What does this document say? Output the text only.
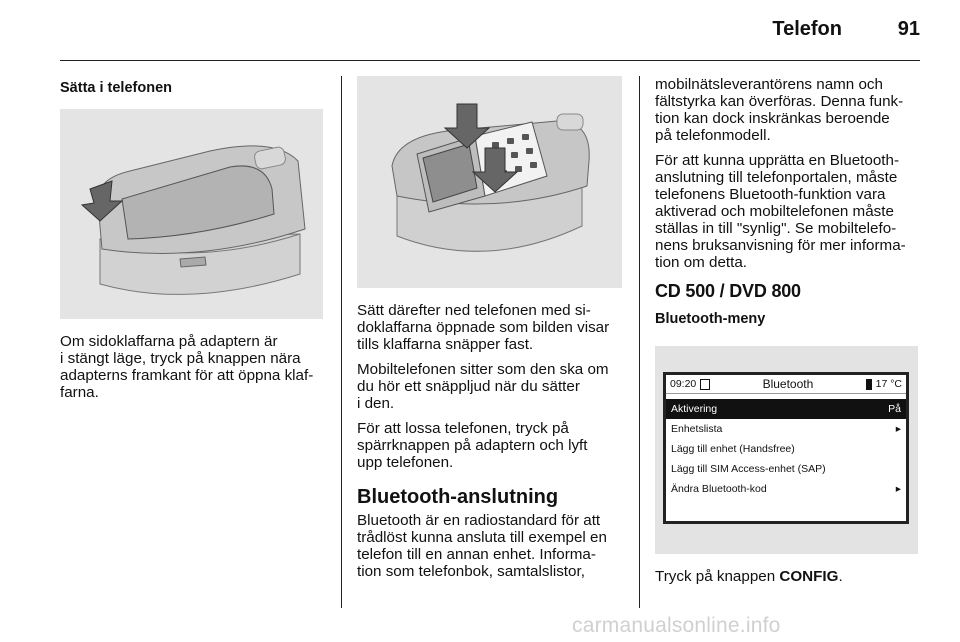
Telefon	91

Sätta i telefonen

Om sidoklaffarna på adaptern är
i stängt läge, tryck på knappen nära
adapterns framkant för att öppna klaf-
farna.

Sätt därefter ned telefonen med si-
doklaffarna öppnade som bilden visar
tills klaffarna snäpper fast.

Mobiltelefonen sitter som den ska om
du hör ett snäppljud när du sätter
i den.

För att lossa telefonen, tryck på
spärrknappen på adaptern och lyft
upp telefonen.

Bluetooth-anslutning

Bluetooth är en radiostandard för att
trådlöst kunna ansluta till exempel en
telefon till en annan enhet. Informa-
tion som telefonbok, samtalslistor,

mobilnätsleverantörens namn och
fältstyrka kan överföras. Denna funk-
tion kan dock inskränkas beroende
på telefonmodell.

För att kunna upprätta en Bluetooth-
anslutning till telefonportalen, måste
telefonens Bluetooth-funktion vara
aktiverad och mobiltelefonen måste
ställas in till "synlig". Se mobiltelefo-
nens bruksanvisning för mer informa-
tion om detta.

CD 500 / DVD 800

Bluetooth-meny

09:20	Bluetooth	17 °C
Aktivering	På
Enhetslista	▸
Lägg till enhet (Handsfree)
Lägg till SIM Access-enhet (SAP)
Ändra Bluetooth-kod	▸

Tryck på knappen CONFIG.

carmanualsonline.info
